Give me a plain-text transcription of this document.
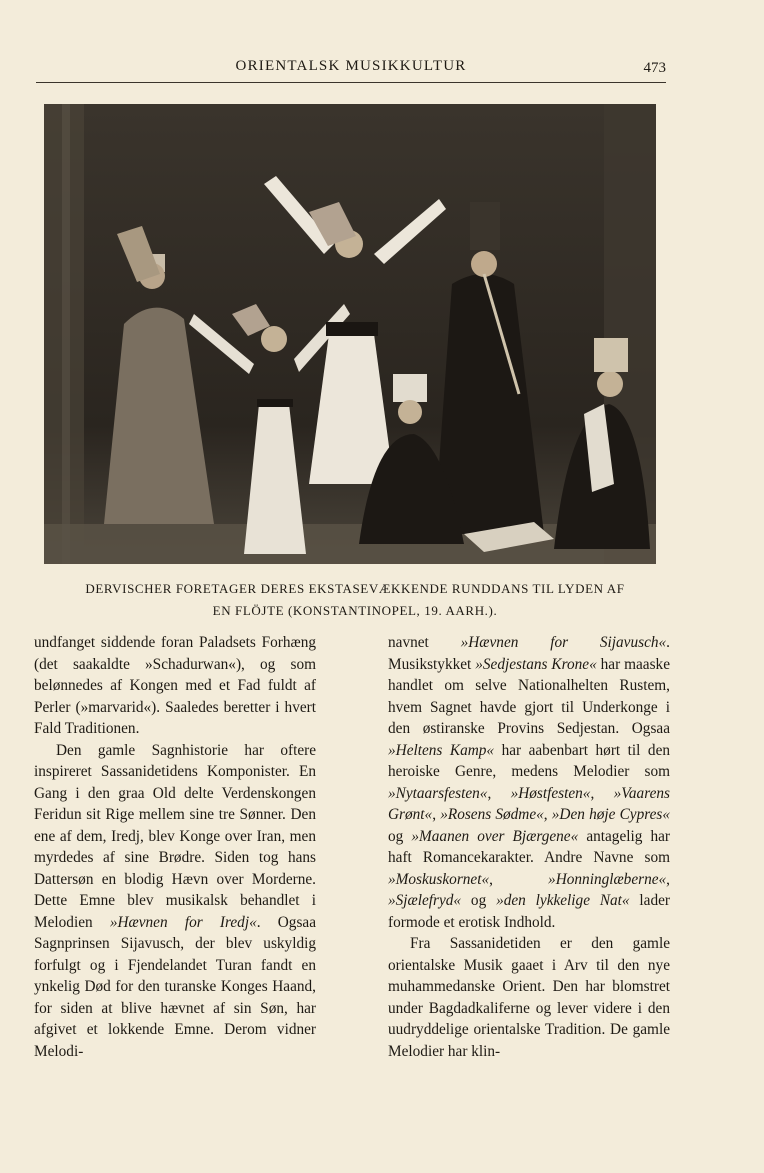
ORIENTALSK MUSIKKULTUR	473
DERVISCHER FORETAGER DERES EKSTASEVÆKKENDE RUNDDANS TIL LYDEN AF
EN FLÖJTE (KONSTANTINOPEL, 19. AARH.).

undfanget siddende foran Paladsets Forhæng (det saakaldte »Schadurwan«), og som belønnedes af Kongen med et Fad fuldt af Perler (»marvarid«). Saaledes beretter i hvert Fald Traditionen.

Den gamle Sagnhistorie har oftere inspireret Sassanidetidens Komponister. En Gang i den graa Old delte Verdenskongen Feridun sit Rige mellem sine tre Sønner. Den ene af dem, Iredj, blev Konge over Iran, men myrdedes af sine Brødre. Siden tog hans Dattersøn en blodig Hævn over Morderne. Dette Emne blev musikalsk behandlet i Melodien »Hævnen for Iredj«. Ogsaa Sagnprinsen Sijavusch, der blev uskyldig forfulgt og i Fjendelandet Turan fandt en ynkelig Død for den turanske Konges Haand, for siden at blive hævnet af sin Søn, har afgivet et lokkende Emne. Derom vidner Melodi-

navnet »Hævnen for Sijavusch«. Musikstykket »Sedjestans Krone« har maaske handlet om selve Nationalhelten Rustem, hvem Sagnet havde gjort til Underkonge i den østiranske Provins Sedjestan. Ogsaa »Heltens Kamp« har aabenbart hørt til den heroiske Genre, medens Melodier som »Nytaarsfesten«, »Høstfesten«, »Vaarens Grønt«, »Rosens Sødme«, »Den høje Cypres« og »Maanen over Bjærgene« antagelig har haft Romancekarakter. Andre Navne som »Moskuskornet«, »Honninglæberne«, »Sjælefryd« og »den lykkelige Nat« lader formode et erotisk Indhold.

Fra Sassanidetiden er den gamle orientalske Musik gaaet i Arv til den nye muhammedanske Orient. Den har blomstret under Bagdadkaliferne og lever videre i den uudryddelige orientalske Tradition. De gamle Melodier har klin-
